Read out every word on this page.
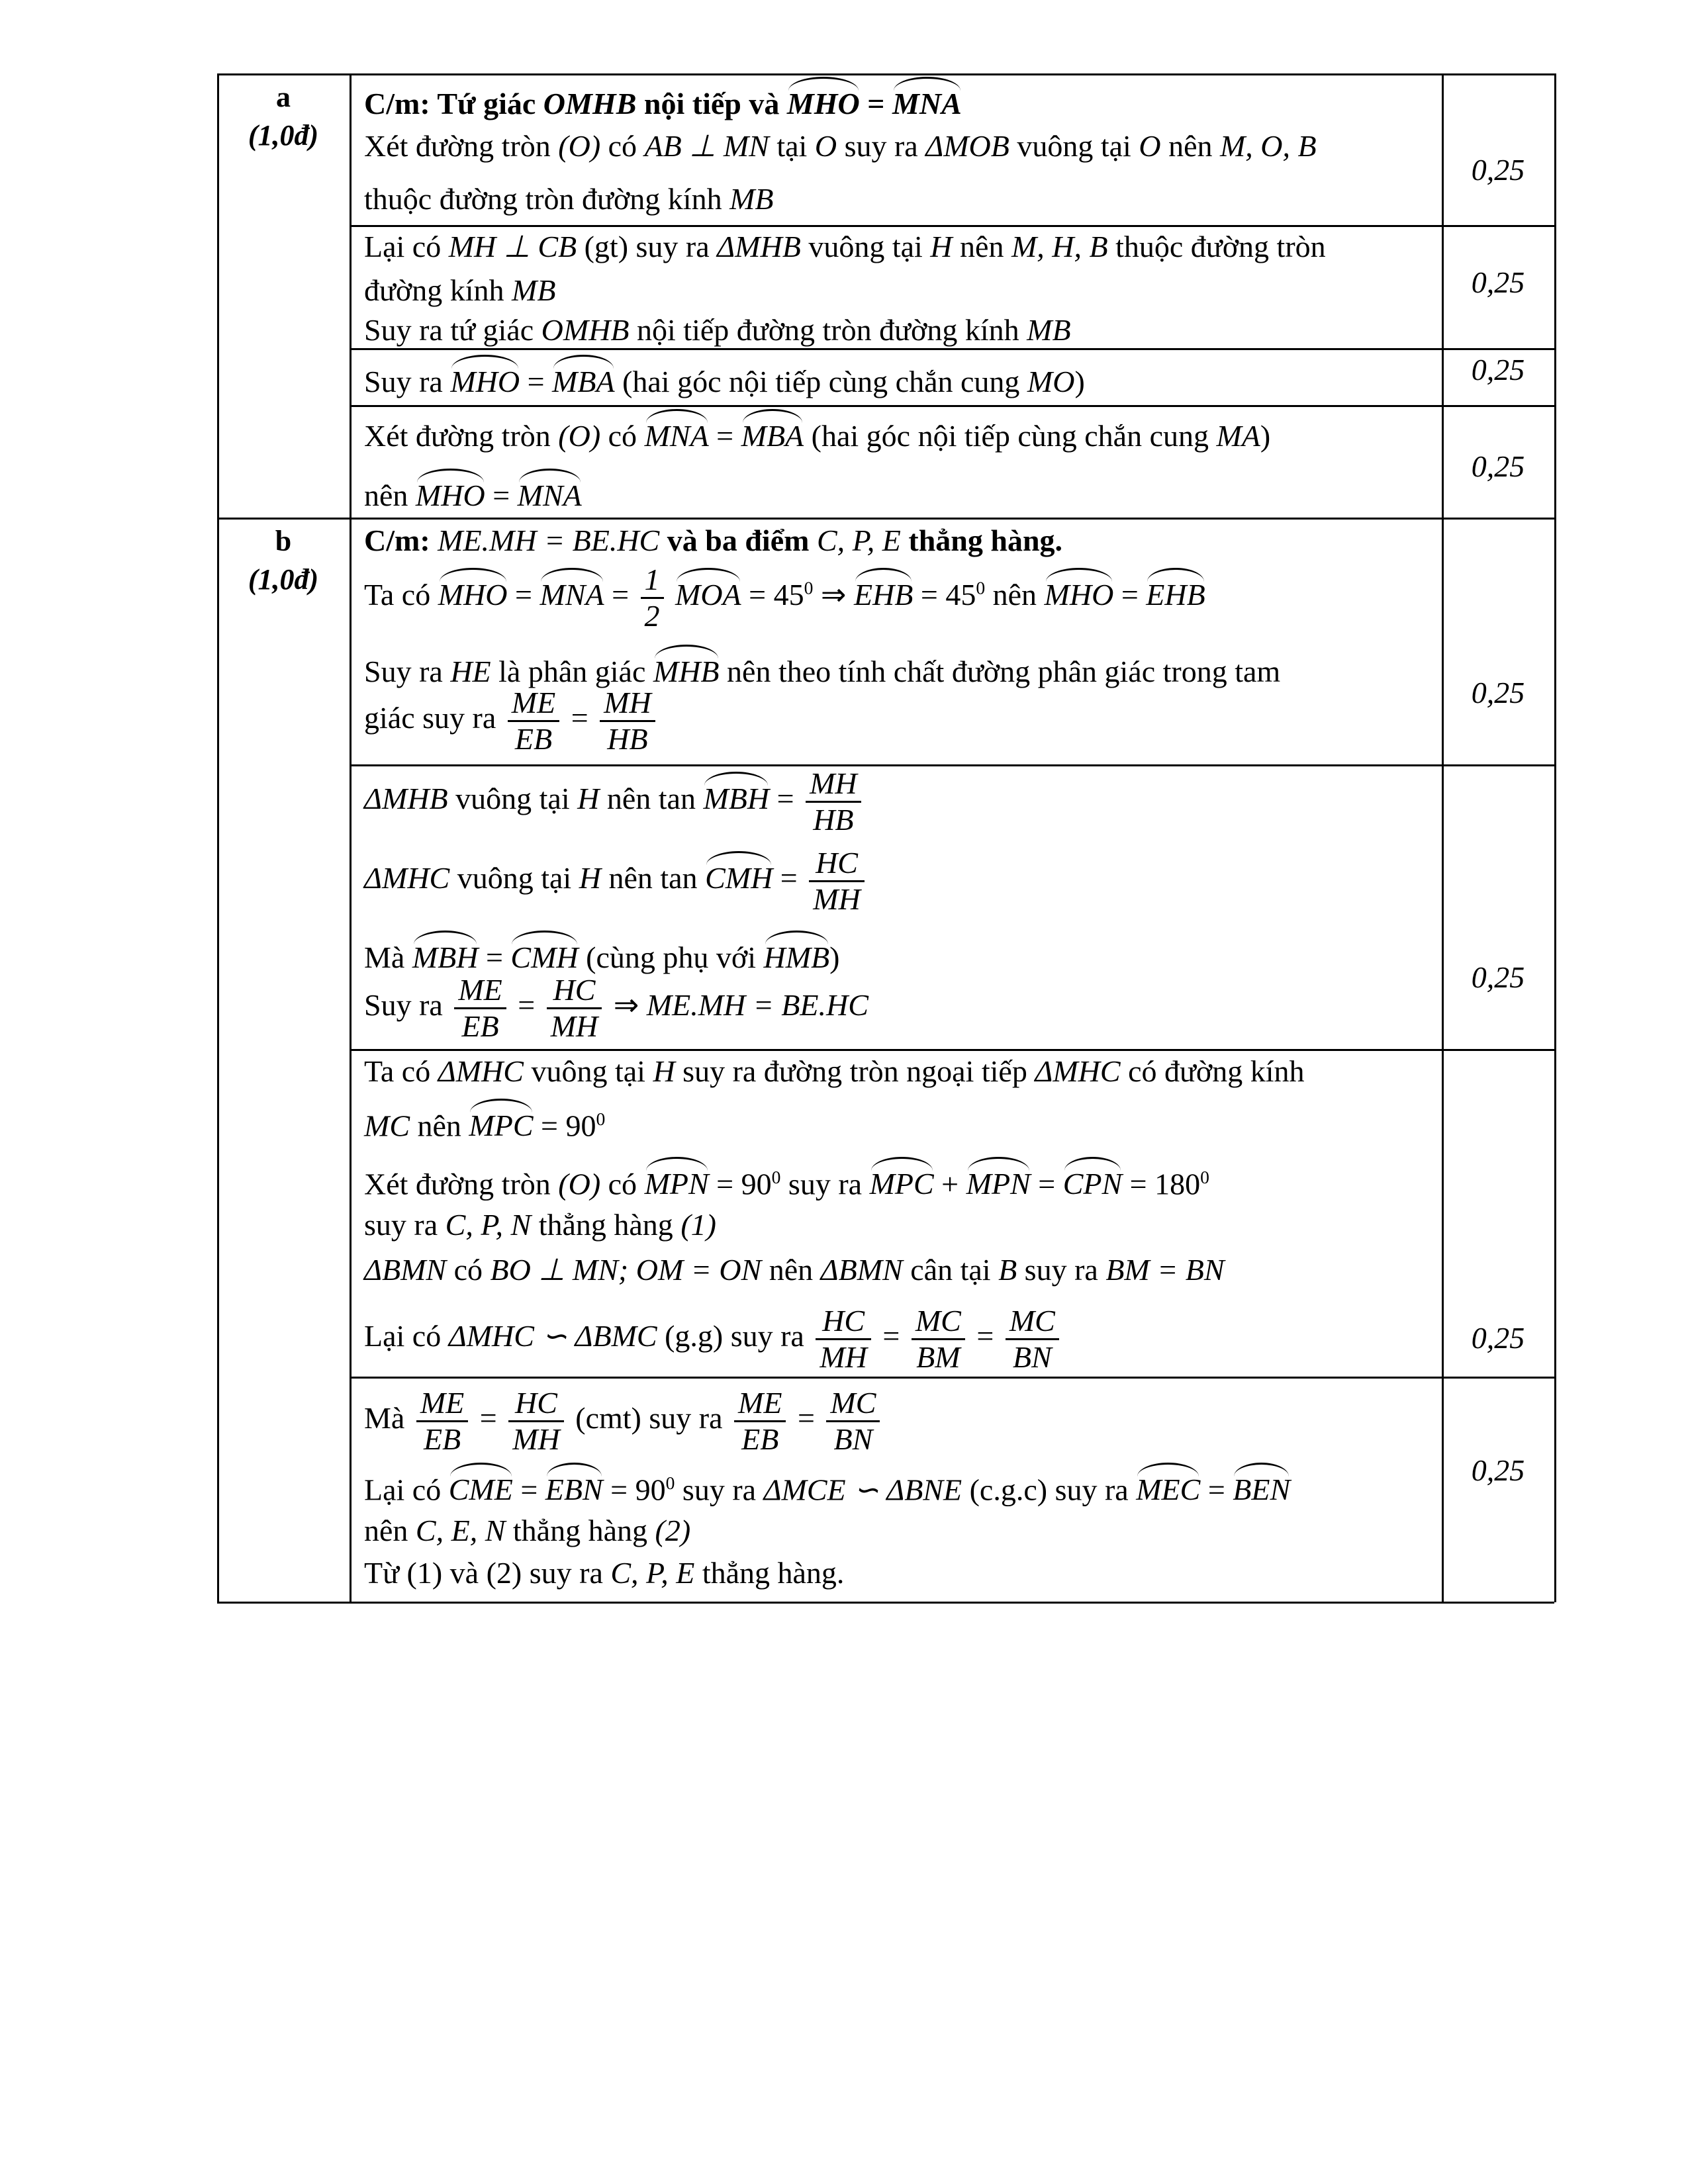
a
(1,0đ)
b
(1,0đ)
0,25
0,25
0,25
0,25
0,25
0,25
0,25
0,25
C/m: Tứ giác OMHB nội tiếp và MHO = MNA
Xét đường tròn (O) có AB ⊥ MN tại O suy ra ΔMOB vuông tại O nên M, O, B
thuộc đường tròn đường kính MB
Lại có MH ⊥ CB (gt) suy ra ΔMHB vuông tại H nên M, H, B thuộc đường tròn
đường kính MB
Suy ra tứ giác OMHB nội tiếp đường tròn đường kính MB
Suy ra MHO = MBA (hai góc nội tiếp cùng chắn cung MO)
Xét đường tròn (O) có MNA = MBA (hai góc nội tiếp cùng chắn cung MA)
nên MHO = MNA
C/m: ME.MH = BE.HC và ba điểm C, P, E thẳng hàng.
Ta có MHO = MNA = $\frac{1}{2}$ MOA = $45^0$ ⇒ EHB = $45^0$ nên MHO = EHB
Suy ra HE là phân giác MHB nên theo tính chất đường phân giác trong tam
giác suy ra $\frac{ME}{EB} = \frac{MH}{HB}$
ΔMHB vuông tại H nên tan MBH = $\frac{MH}{HB}$
ΔMHC vuông tại H nên tan CMH = $\frac{HC}{MH}$
Mà MBH = CMH (cùng phụ với HMB)
Suy ra $\frac{ME}{EB} = \frac{HC}{MH}$ ⇒ ME.MH = BE.HC
Ta có ΔMHC vuông tại H suy ra đường tròn ngoại tiếp ΔMHC có đường kính
MC nên MPC = $90^0$
Xét đường tròn (O) có MPN = $90^0$ suy ra MPC + MPN = CPN = $180^0$
suy ra C, P, N thẳng hàng (1)
ΔBMN có BO ⊥ MN; OM = ON nên ΔBMN cân tại B suy ra BM = BN
Lại có ΔMHC ∽ ΔBMC (g.g) suy ra $\frac{HC}{MH} = \frac{MC}{BM} = \frac{MC}{BN}$
Mà $\frac{ME}{EB} = \frac{HC}{MH} (cmt)$ suy ra $\frac{ME}{EB} = \frac{MC}{BN}$
Lại có CME = EBN = $90^0$ suy ra ΔMCE ∽ ΔBNE (c.g.c) suy ra MEC = BEN
nên C, E, N thẳng hàng (2)
Từ (1) và (2) suy ra C, P, E thẳng hàng.
